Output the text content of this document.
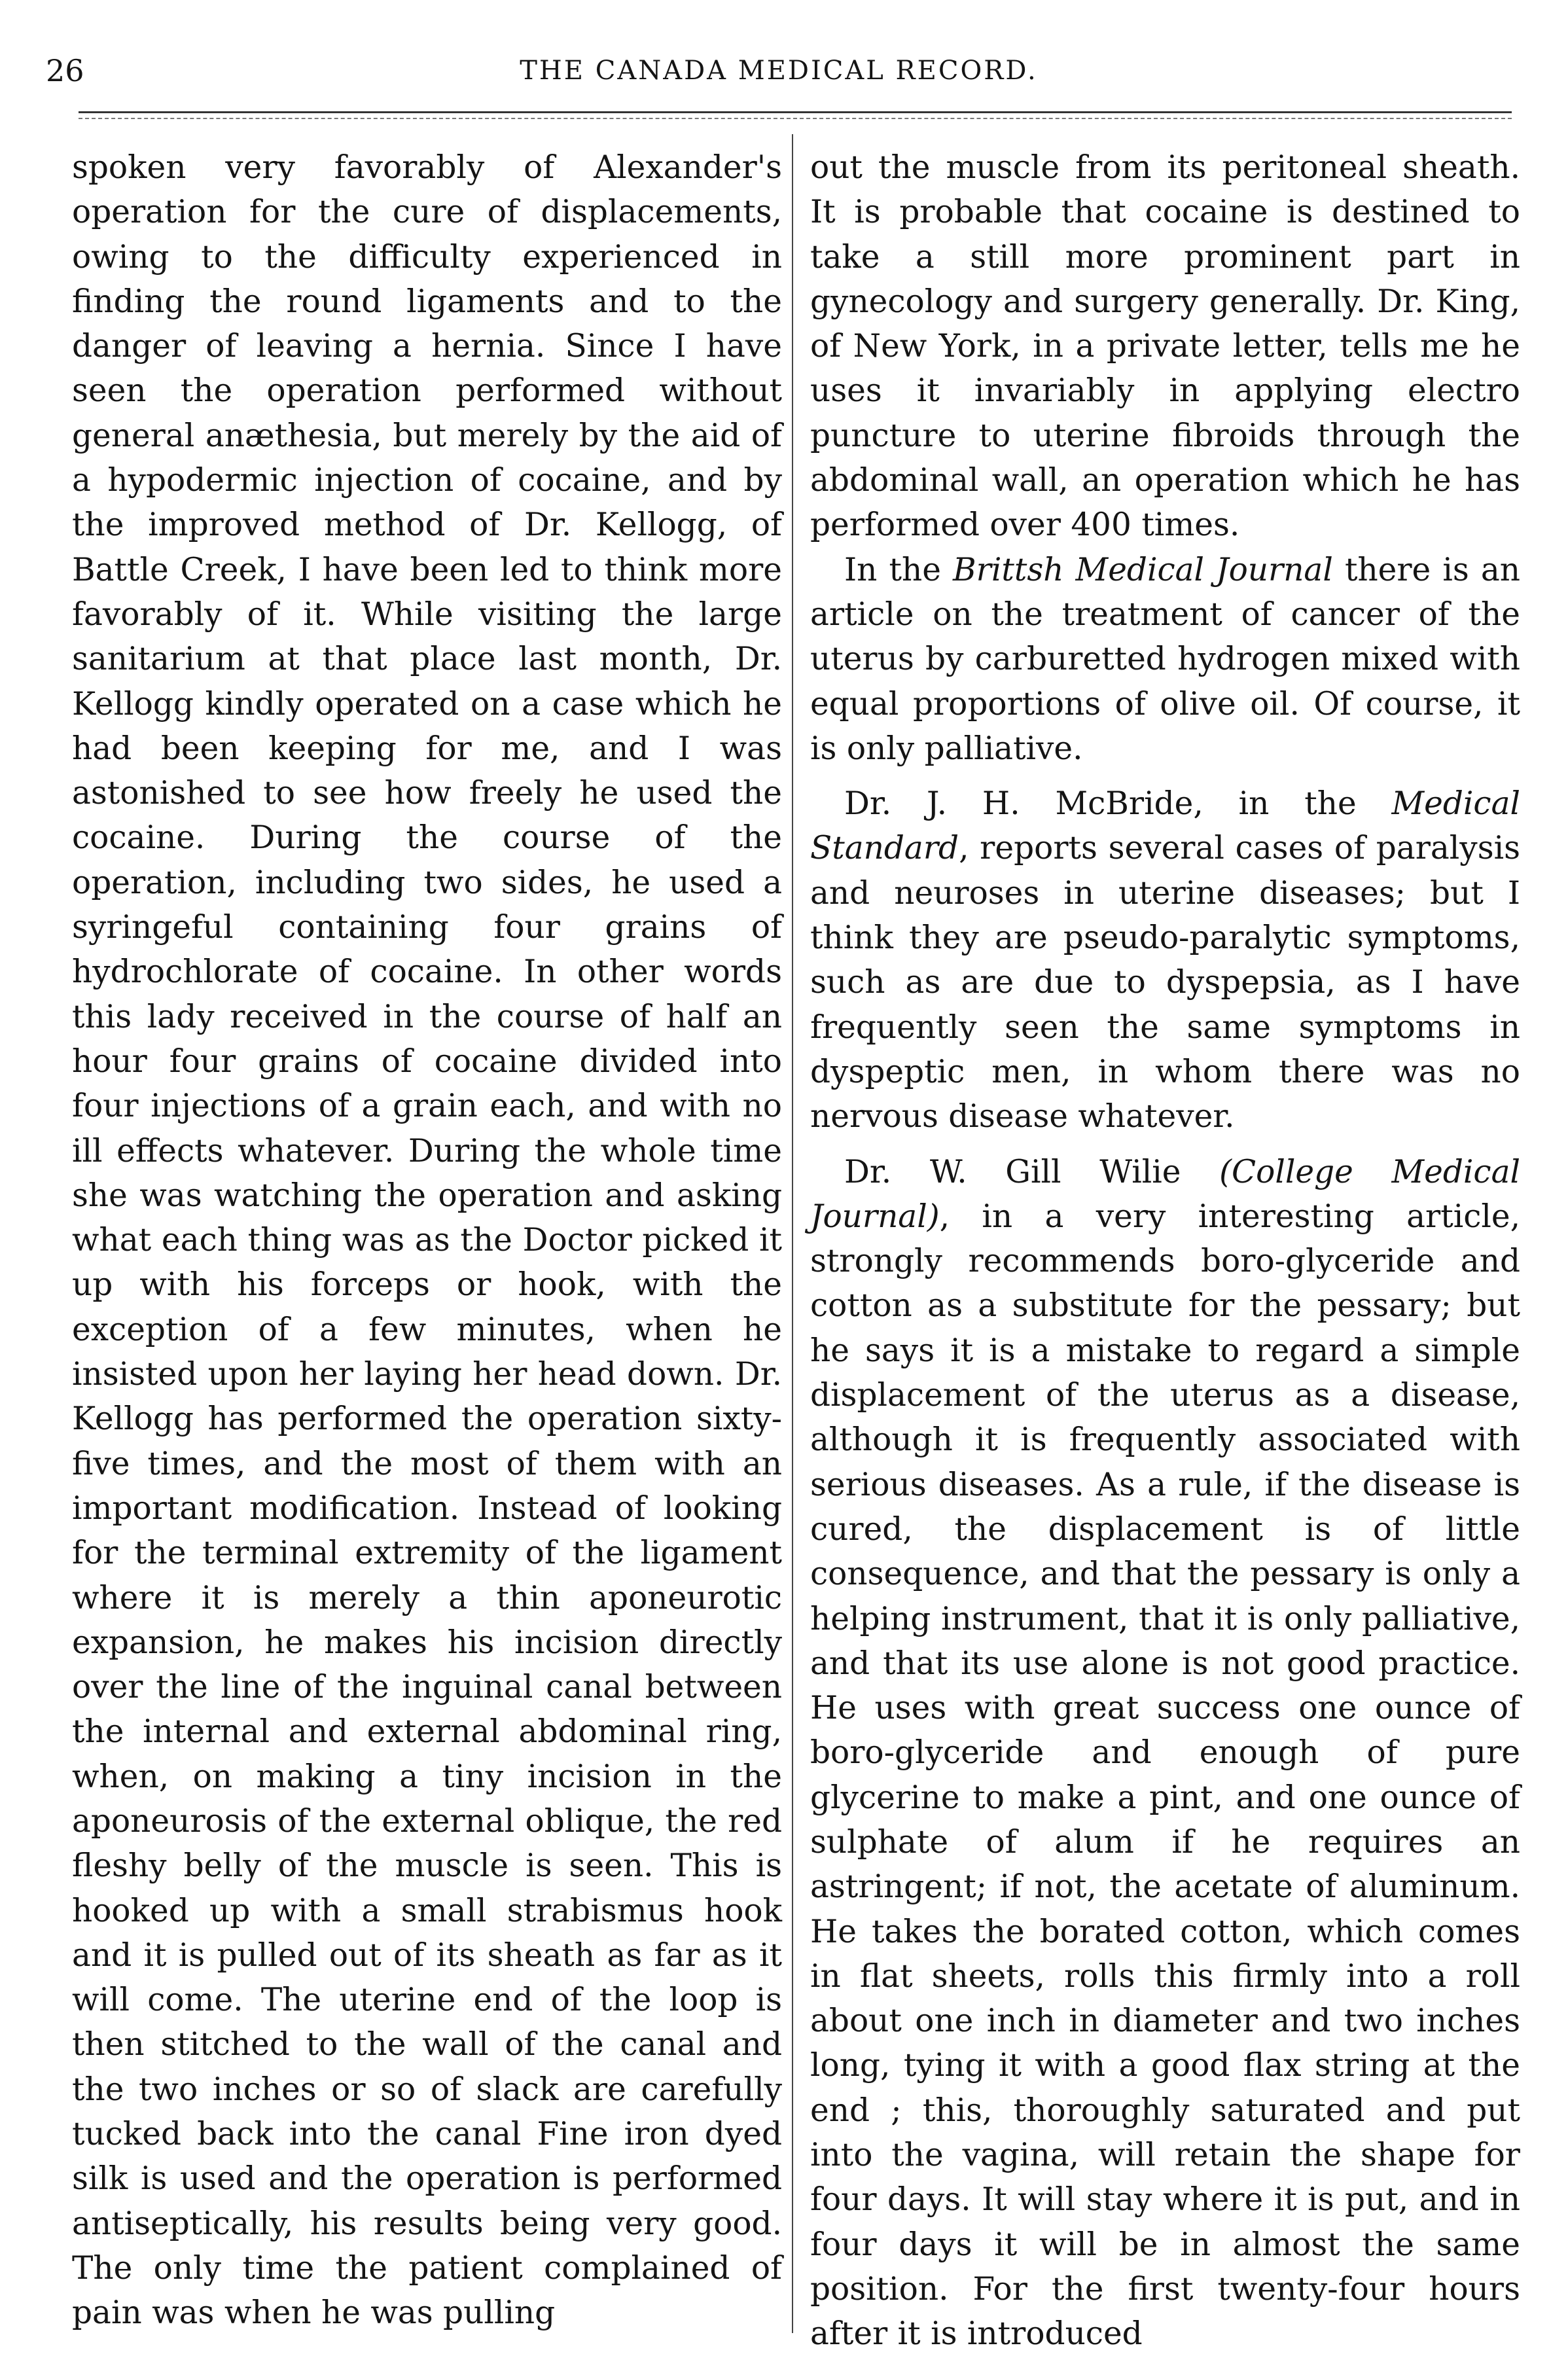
26	THE CANADA MEDICAL RECORD.

spoken very favorably of Alexander's operation for the cure of displacements, owing to the difficulty experienced in finding the round ligaments and to the danger of leaving a hernia. Since I have seen the operation performed without general anæthesia, but merely by the aid of a hypodermic injection of cocaine, and by the improved method of Dr. Kellogg, of Battle Creek, I have been led to think more favorably of it. While visiting the large sanitarium at that place last month, Dr. Kellogg kindly operated on a case which he had been keeping for me, and I was astonished to see how freely he used the cocaine. During the course of the operation, including two sides, he used a syringeful containing four grains of hydrochlorate of cocaine. In other words this lady received in the course of half an hour four grains of cocaine divided into four injections of a grain each, and with no ill effects whatever. During the whole time she was watching the operation and asking what each thing was as the Doctor picked it up with his forceps or hook, with the exception of a few minutes, when he insisted upon her laying her head down. Dr. Kellogg has performed the operation sixty-five times, and the most of them with an important modification. Instead of looking for the terminal extremity of the ligament where it is merely a thin aponeurotic expansion, he makes his incision directly over the line of the inguinal canal between the internal and external abdominal ring, when, on making a tiny incision in the aponeurosis of the external oblique, the red fleshy belly of the muscle is seen. This is hooked up with a small strabismus hook and it is pulled out of its sheath as far as it will come. The uterine end of the loop is then stitched to the wall of the canal and the two inches or so of slack are carefully tucked back into the canal Fine iron dyed silk is used and the operation is performed antiseptically, his results being very good. The only time the patient complained of pain was when he was pulling

out the muscle from its peritoneal sheath. It is probable that cocaine is destined to take a still more prominent part in gynecology and surgery generally. Dr. King, of New York, in a private letter, tells me he uses it invariably in applying electro puncture to uterine fibroids through the abdominal wall, an operation which he has performed over 400 times.

In the Brittsh Medical Journal there is an article on the treatment of cancer of the uterus by carburetted hydrogen mixed with equal proportions of olive oil. Of course, it is only palliative.

Dr. J. H. McBride, in the Medical Standard, reports several cases of paralysis and neuroses in uterine diseases; but I think they are pseudo-paralytic symptoms, such as are due to dyspepsia, as I have frequently seen the same symptoms in dyspeptic men, in whom there was no nervous disease whatever.

Dr. W. Gill Wilie (College Medical Journal), in a very interesting article, strongly recommends boro-glyceride and cotton as a substitute for the pessary; but he says it is a mistake to regard a simple displacement of the uterus as a disease, although it is frequently associated with serious diseases. As a rule, if the disease is cured, the displacement is of little consequence, and that the pessary is only a helping instrument, that it is only palliative, and that its use alone is not good practice. He uses with great success one ounce of boro-glyceride and enough of pure glycerine to make a pint, and one ounce of sulphate of alum if he requires an astringent; if not, the acetate of aluminum. He takes the borated cotton, which comes in flat sheets, rolls this firmly into a roll about one inch in diameter and two inches long, tying it with a good flax string at the end ; this, thoroughly saturated and put into the vagina, will retain the shape for four days. It will stay where it is put, and in four days it will be in almost the same position. For the first twenty-four hours after it is introduced
